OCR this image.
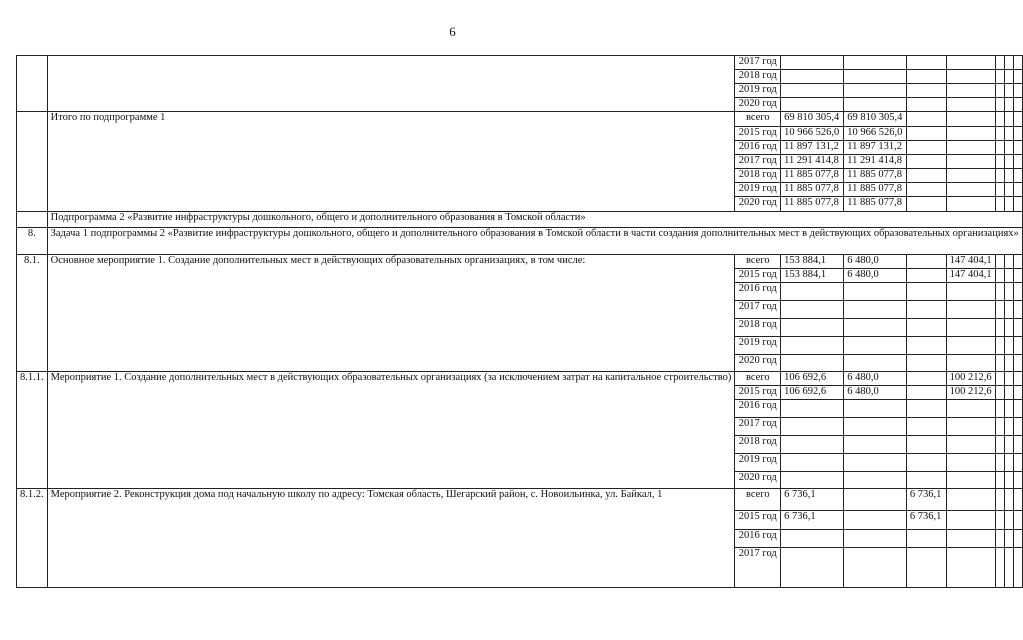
6
		2017 год							
		2018 год							
		2019 год							
		2020 год							
	Итого по подпрограмме 1	всего	69 810 305,4	69 810 305,4					
		2015 год	10 966 526,0	10 966 526,0					
		2016 год	11 897 131,2	11 897 131,2					
		2017 год	11 291 414,8	11 291 414,8					
		2018 год	11 885 077,8	11 885 077,8					
		2019 год	11 885 077,8	11 885 077,8					
		2020 год	11 885 077,8	11 885 077,8					
	Подпрограмма 2 «Развитие инфраструктуры дошкольного, общего и дополнительного образования в Томской области»								
8.	Задача 1 подпрограммы 2 «Развитие инфраструктуры дошкольного, общего и дополнительного образования в Томской области в части создания дополнительных мест в действующих образовательных организациях»								
8.1.	Основное мероприятие 1. Создание дополнительных мест в действующих образовательных организациях, в том числе:	всего	153 884,1	6 480,0		147 404,1			
		2015 год	153 884,1	6 480,0		147 404,1			
		2016 год							
		2017 год							
		2018 год							
		2019 год							
		2020 год							
8.1.1.	Мероприятие 1. Создание дополнительных мест в действующих образовательных организациях (за исключением затрат на капитальное строительство)	всего	106 692,6	6 480,0		100 212,6			
		2015 год	106 692,6	6 480,0		100 212,6			
		2016 год							
		2017 год							
		2018 год							
		2019 год							
		2020 год							
8.1.2.	Мероприятие 2. Реконструкция дома под начальную школу по адресу: Томская область, Шегарский район, с. Новоильинка, ул. Байкал, 1	всего	6 736,1		6 736,1				
		2015 год	6 736,1		6 736,1				
		2016 год							
		2017 год							
